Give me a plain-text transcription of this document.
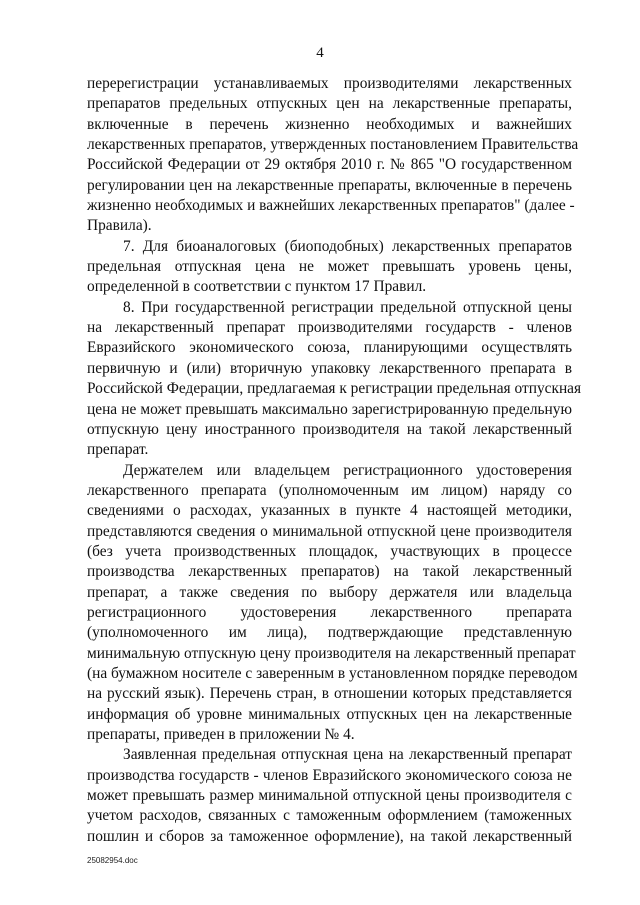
4
перерегистрации устанавливаемых производителями лекарственных
препаратов предельных отпускных цен на лекарственные препараты,
включенные в перечень жизненно необходимых и важнейших
лекарственных препаратов, утвержденных постановлением Правительства
Российской Федерации от 29 октября 2010 г. № 865 "О государственном
регулировании цен на лекарственные препараты, включенные в перечень
жизненно необходимых и важнейших лекарственных препаратов" (далее -
Правила).
7. Для биоаналоговых (биоподобных) лекарственных препаратов
предельная отпускная цена не может превышать уровень цены,
определенной в соответствии с пунктом 17 Правил.
8. При государственной регистрации предельной отпускной цены
на лекарственный препарат производителями государств - членов
Евразийского экономического союза, планирующими осуществлять
первичную и (или) вторичную упаковку лекарственного препарата в
Российской Федерации, предлагаемая к регистрации предельная отпускная
цена не может превышать максимально зарегистрированную предельную
отпускную цену иностранного производителя на такой лекарственный
препарат.
Держателем или владельцем регистрационного удостоверения
лекарственного препарата (уполномоченным им лицом) наряду со
сведениями о расходах, указанных в пункте 4 настоящей методики,
представляются сведения о минимальной отпускной цене производителя
(без учета производственных площадок, участвующих в процессе
производства лекарственных препаратов) на такой лекарственный
препарат, а также сведения по выбору держателя или владельца
регистрационного удостоверения лекарственного препарата
(уполномоченного им лица), подтверждающие представленную
минимальную отпускную цену производителя на лекарственный препарат
(на бумажном носителе с заверенным в установленном порядке переводом
на русский язык). Перечень стран, в отношении которых представляется
информация об уровне минимальных отпускных цен на лекарственные
препараты, приведен в приложении № 4.
Заявленная предельная отпускная цена на лекарственный препарат
производства государств - членов Евразийского экономического союза не
может превышать размер минимальной отпускной цены производителя с
учетом расходов, связанных с таможенным оформлением (таможенных
пошлин и сборов за таможенное оформление), на такой лекарственный
25082954.doc
